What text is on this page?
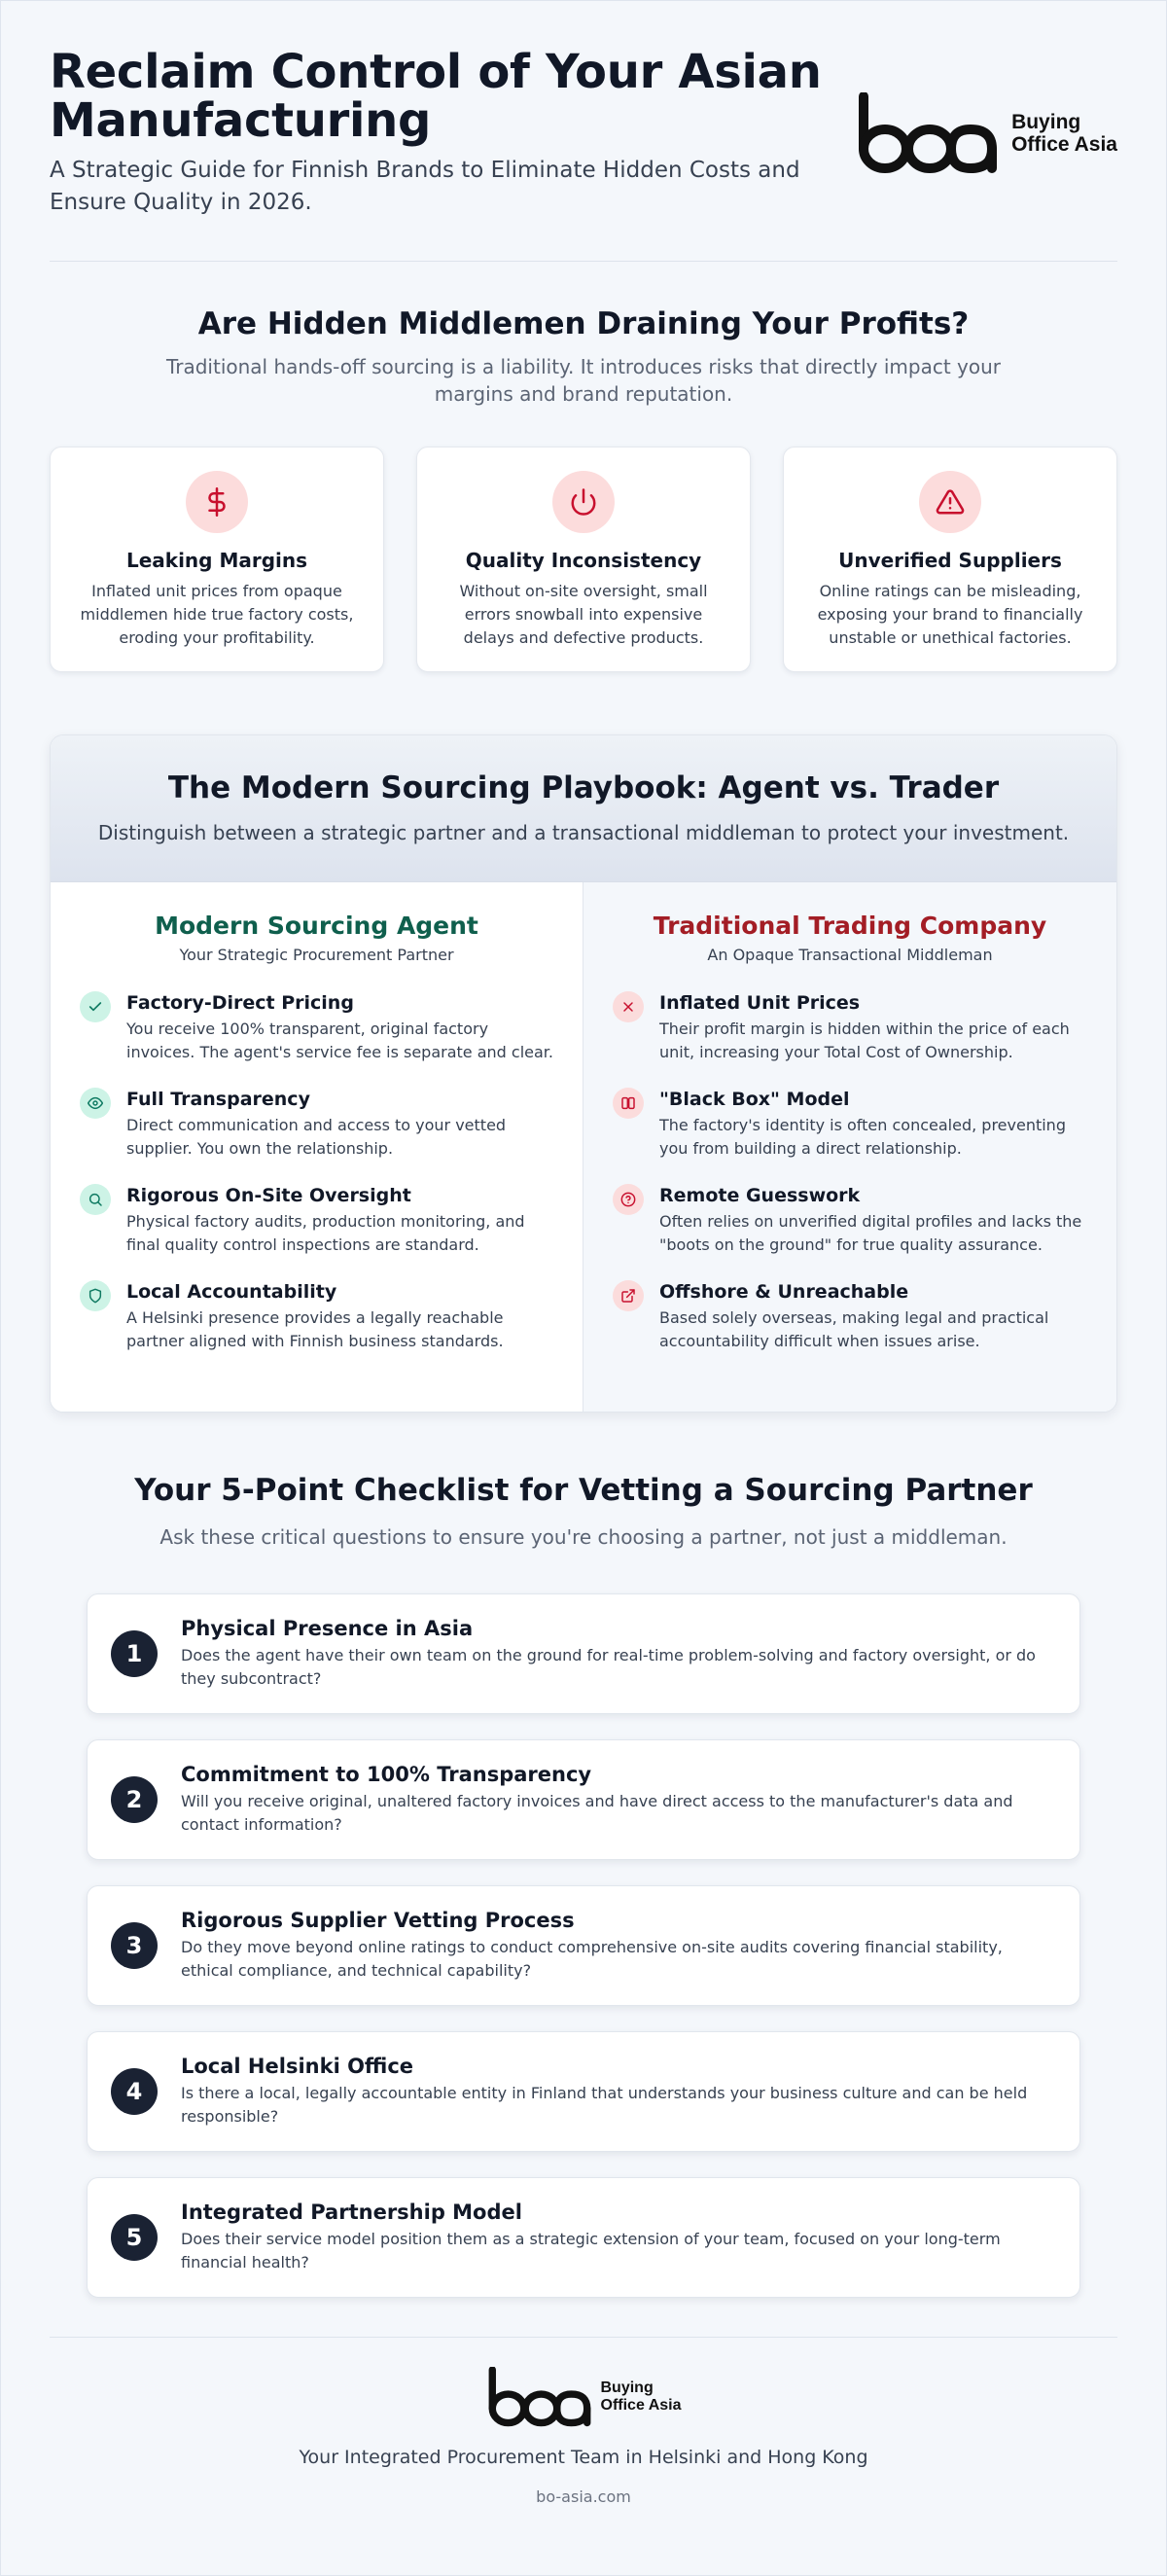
Reclaim Control of Your Asian Manufacturing

A Strategic Guide for Finnish Brands to Eliminate Hidden Costs and Ensure Quality in 2026.

Buying
Office Asia
Are Hidden Middlemen Draining Your Profits?

Traditional hands-off sourcing is a liability. It introduces risks that directly impact your margins and brand reputation.

Leaking Margins

Inflated unit prices from opaque middlemen hide true factory costs, eroding your profitability.

Quality Inconsistency

Without on-site oversight, small errors snowball into expensive delays and defective products.

Unverified Suppliers

Online ratings can be misleading, exposing your brand to financially unstable or unethical factories.

The Modern Sourcing Playbook: Agent vs. Trader

Distinguish between a strategic partner and a transactional middleman to protect your investment.

Modern Sourcing Agent

Your Strategic Procurement Partner

Factory-Direct Pricing
You receive 100% transparent, original factory invoices. The agent's service fee is separate and clear.
Full Transparency
Direct communication and access to your vetted supplier. You own the relationship.
Rigorous On-Site Oversight
Physical factory audits, production monitoring, and final quality control inspections are standard.
Local Accountability
A Helsinki presence provides a legally reachable partner aligned with Finnish business standards.
Traditional Trading Company

An Opaque Transactional Middleman

Inflated Unit Prices
Their profit margin is hidden within the price of each unit, increasing your Total Cost of Ownership.
"Black Box" Model
The factory's identity is often concealed, preventing you from building a direct relationship.
Remote Guesswork
Often relies on unverified digital profiles and lacks the "boots on the ground" for true quality assurance.
Offshore & Unreachable
Based solely overseas, making legal and practical accountability difficult when issues arise.
Your 5-Point Checklist for Vetting a Sourcing Partner

Ask these critical questions to ensure you're choosing a partner, not just a middleman.

1
Physical Presence in Asia
Does the agent have their own team on the ground for real-time problem-solving and factory oversight, or do they subcontract?
2
Commitment to 100% Transparency
Will you receive original, unaltered factory invoices and have direct access to the manufacturer's data and contact information?
3
Rigorous Supplier Vetting Process
Do they move beyond online ratings to conduct comprehensive on-site audits covering financial stability, ethical compliance, and technical capability?
4
Local Helsinki Office
Is there a local, legally accountable entity in Finland that understands your business culture and can be held responsible?
5
Integrated Partnership Model
Does their service model position them as a strategic extension of your team, focused on your long-term financial health?
Buying
Office Asia

Your Integrated Procurement Team in Helsinki and Hong Kong

bo-asia.com
